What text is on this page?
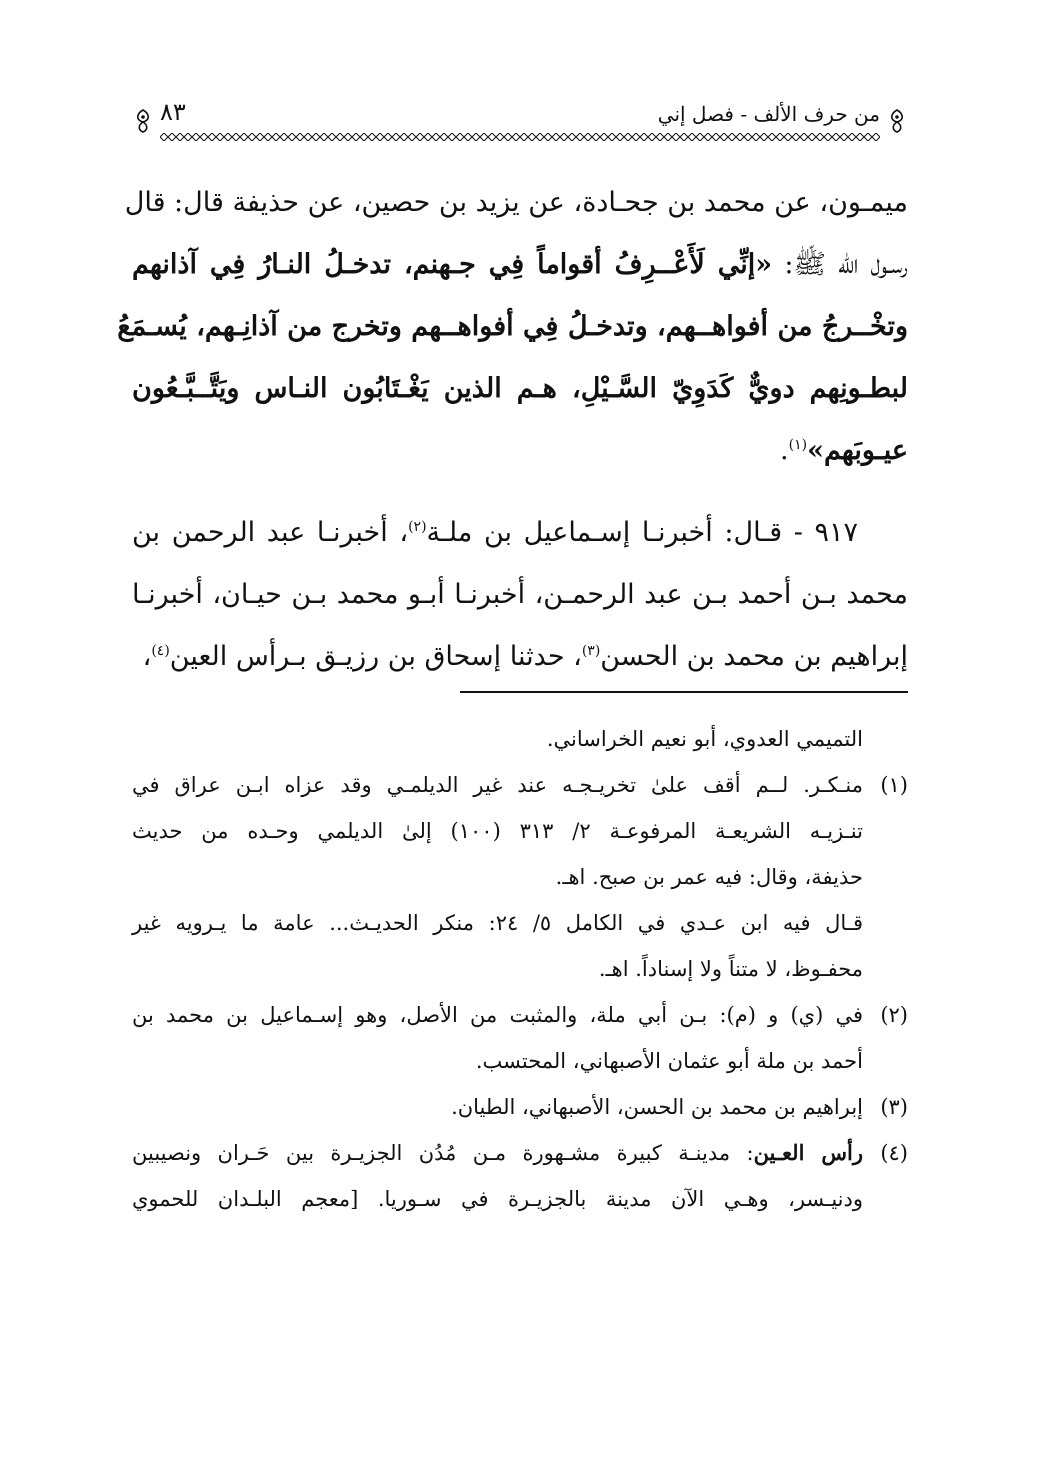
من حرف الألف - فصل إني
٨٣
ميمـون، عن محمد بن جحـادة، عن يزيد بن حصين، عن حذيفة قال: قال
رسـول الله ﷺ: «إنِّي لَأَعْــرِفُ أقواماً فِي جـهنم، تدخـلُ النـارُ فِي آذانهم
وتخْــرجُ من أفواهــهم، وتدخـلُ فِي أفواهــهم وتخرج من آذانِـهم، يُسـمَعُ
لبطـونِهم دويٌّ كَدَوِيّ السَّـيْلِ، هـم الذين يَغْـتَابُون النـاس ويَتَّــبَّـعُون
عيـوبَهم»$^{(١)}$.
٩١٧ - قـال: أخبرنـا إسـماعيل بن ملـة$^{(٢)}$، أخبرنـا عبد الرحمن بن
محمد بـن أحمد بـن عبد الرحمـن، أخبرنـا أبـو محمد بـن حيـان، أخبرنـا
إبراهيم بن محمد بن الحسن$^{(٣)}$، حدثنا إسحاق بن رزيـق بـرأس العين$^{(٤)}$،
التميمي العدوي، أبو نعيم الخراساني.
(١)
منـكـر. لــم أقف علىٰ تخريـجـه عند غير الديلمـي وقد عزاه ابـن عراق في
تنـزيـه الشريعـة المرفوعـة ٢/ ٣١٣ (١٠٠) إلىٰ الديلمي وحـده من حديث
حذيفة، وقال: فيه عمر بن صبح. اهـ.
قـال فيه ابن عـدي في الكامل ٥/ ٢٤: منكر الحديـث... عامة ما يـرويه غير
محفـوظ، لا متناً ولا إسناداً. اهـ.
(٢)
في (ي) و (م): بـن أبي ملة، والمثبت من الأصل، وهو إسـماعيل بن محمد بن
أحمد بن ملة أبو عثمان الأصبهاني، المحتسب.
(٣)
إبراهيم بن محمد بن الحسن، الأصبهاني، الطيان.
(٤)
رأس العـين: مدينـة كبيرة مشـهورة مـن مُدُن الجزيـرة بين حَـران ونصيبين
ودنيـسر، وهـي الآن مدينة بالجزيـرة في سـوريا. [معجم البلـدان للحموي
